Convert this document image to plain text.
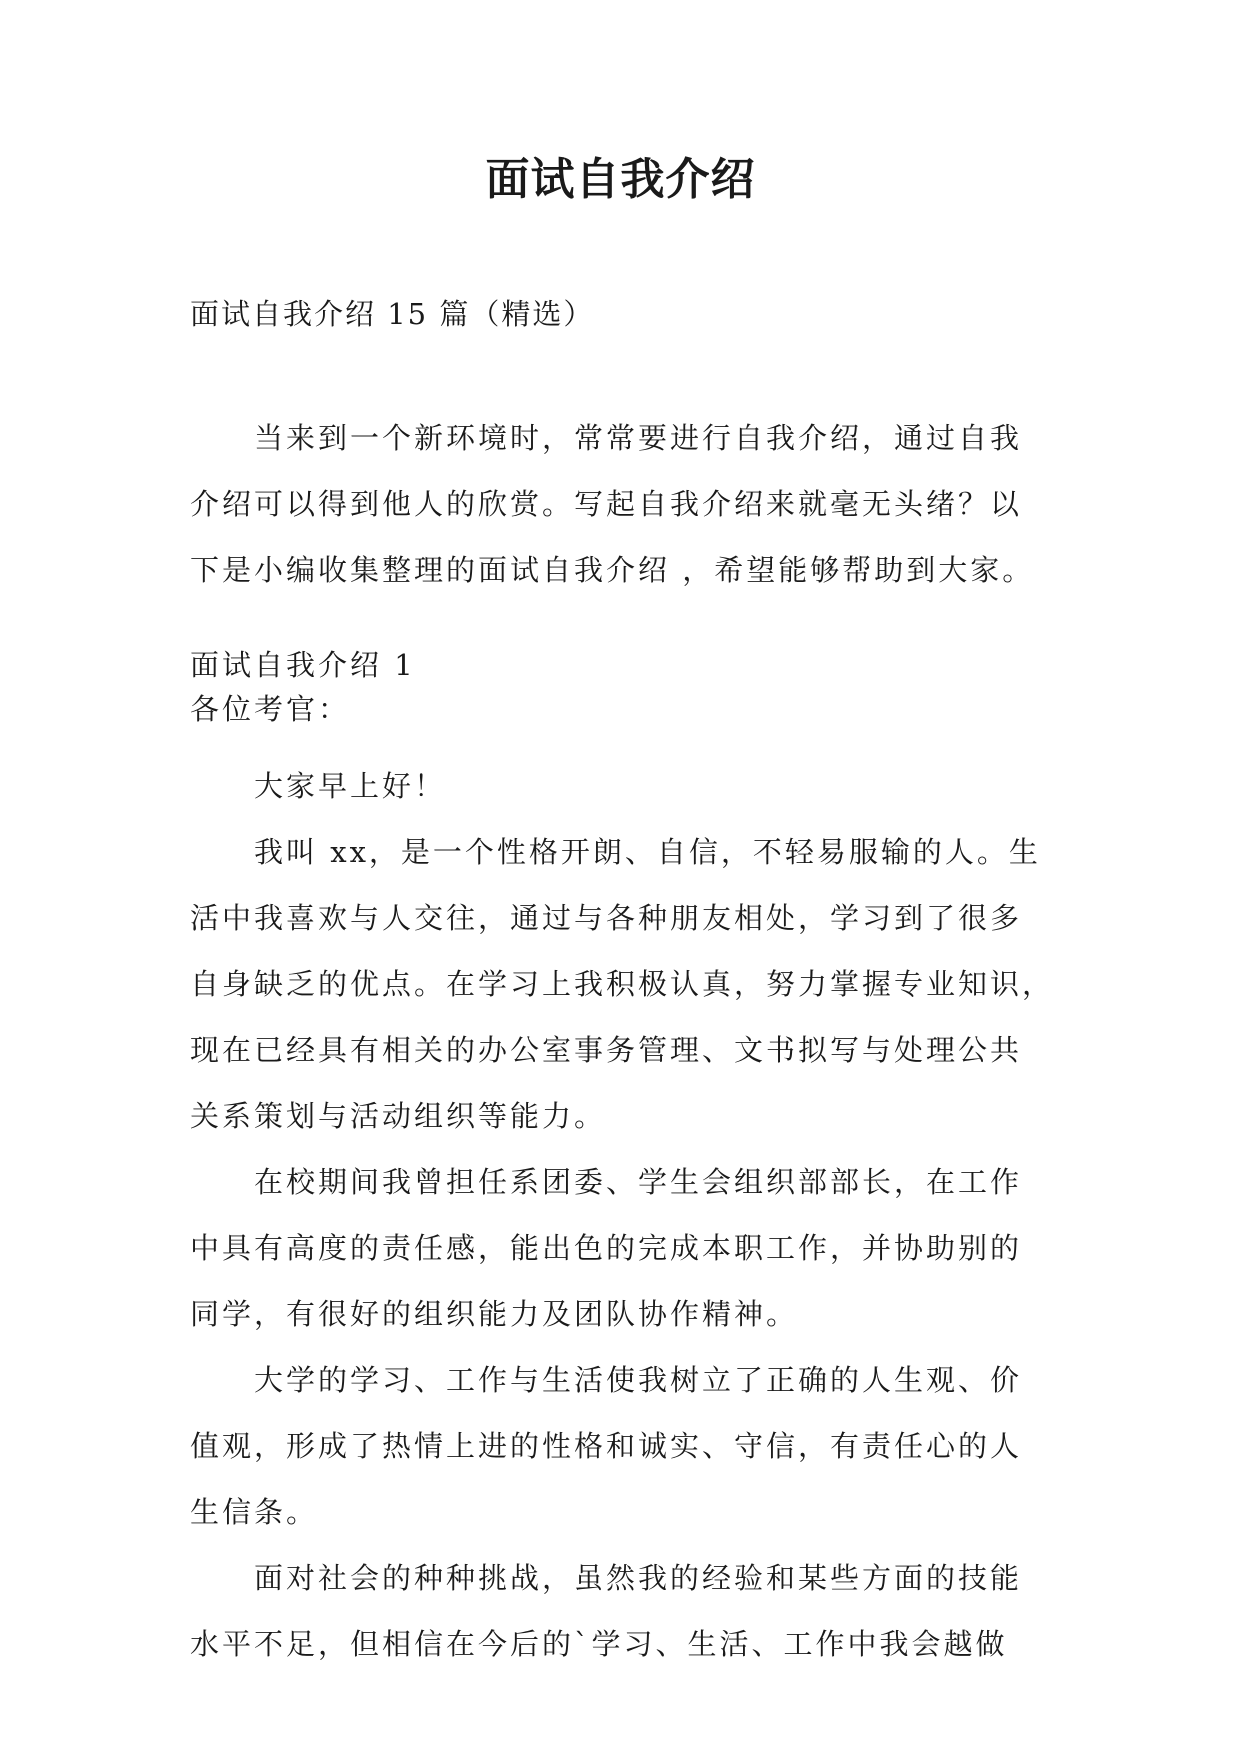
面试自我介绍
面试自我介绍 15 篇（精选）
当来到一个新环境时，常常要进行自我介绍，通过自我
介绍可以得到他人的欣赏。写起自我介绍来就毫无头绪？以
下是小编收集整理的面试自我介绍 ，希望能够帮助到大家。
面试自我介绍 1
各位考官：
大家早上好！
我叫 xx，是一个性格开朗、自信，不轻易服输的人。生
活中我喜欢与人交往，通过与各种朋友相处，学习到了很多
自身缺乏的优点。在学习上我积极认真，努力掌握专业知识，
现在已经具有相关的办公室事务管理、文书拟写与处理公共
关系策划与活动组织等能力。
在校期间我曾担任系团委、学生会组织部部长，在工作
中具有高度的责任感，能出色的完成本职工作，并协助别的
同学，有很好的组织能力及团队协作精神。
大学的学习、工作与生活使我树立了正确的人生观、价
值观，形成了热情上进的性格和诚实、守信，有责任心的人
生信条。
面对社会的种种挑战，虽然我的经验和某些方面的技能
水平不足，但相信在今后的`学习、生活、工作中我会越做
